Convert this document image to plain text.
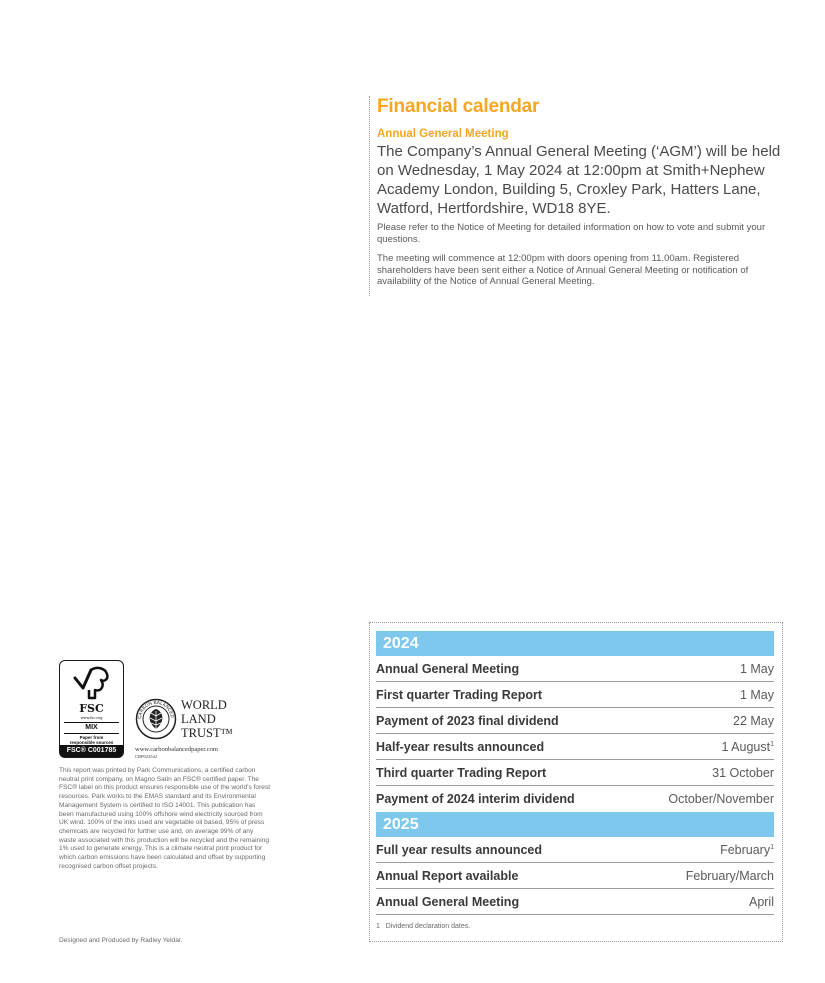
Financial calendar
Annual General Meeting

The Company’s Annual General Meeting (‘AGM’) will be held on Wednesday, 1 May 2024 at 12:00pm at Smith+Nephew Academy London, Building 5, Croxley Park, Hatters Lane, Watford, Hertfordshire, WD18 8YE.

Please refer to the Notice of Meeting for detailed information on how to vote and submit your questions.

The meeting will commence at 12:00pm with doors opening from 11.00am. Registered shareholders have been sent either a Notice of Annual General Meeting or notification of availability of the Notice of Annual General Meeting.

2024
Annual General Meeting	1 May
First quarter Trading Report	1 May
Payment of 2023 final dividend	22 May
Half-year results announced	1 August$^1$
Third quarter Trading Report	31 October
Payment of 2024 interim dividend	October/November
2025
Full year results announced	February$^1$
Annual Report available	February/March
Annual General Meeting	April
1 Dividend declaration dates.
FSC
www.fsc.org
MIX
Paper from
responsible sources
FSC® C001785
CARBON BALANCED
WORLD
LAND
TRUST™
www.carbonbalancedpaper.com
CBP023542

This report was printed by Park Communications, a certified carbon neutral print company, on Magno Satin an FSC® certified paper. The FSC® label on this product ensures responsible use of the world’s forest resources. Park works to the EMAS standard and its Environmental Management System is certified to ISO 14001. This publication has been manufactured using 100% offshore wind electricity sourced from UK wind. 100% of the inks used are vegetable oil based, 95% of press chemicals are recycled for further use and, on average 99% of any waste associated with this production will be recycled and the remaining 1% used to generate energy. This is a climate neutral print product for which carbon emissions have been calculated and offset by supporting recognised carbon offset projects.

Designed and Produced by Radley Yeldar.
